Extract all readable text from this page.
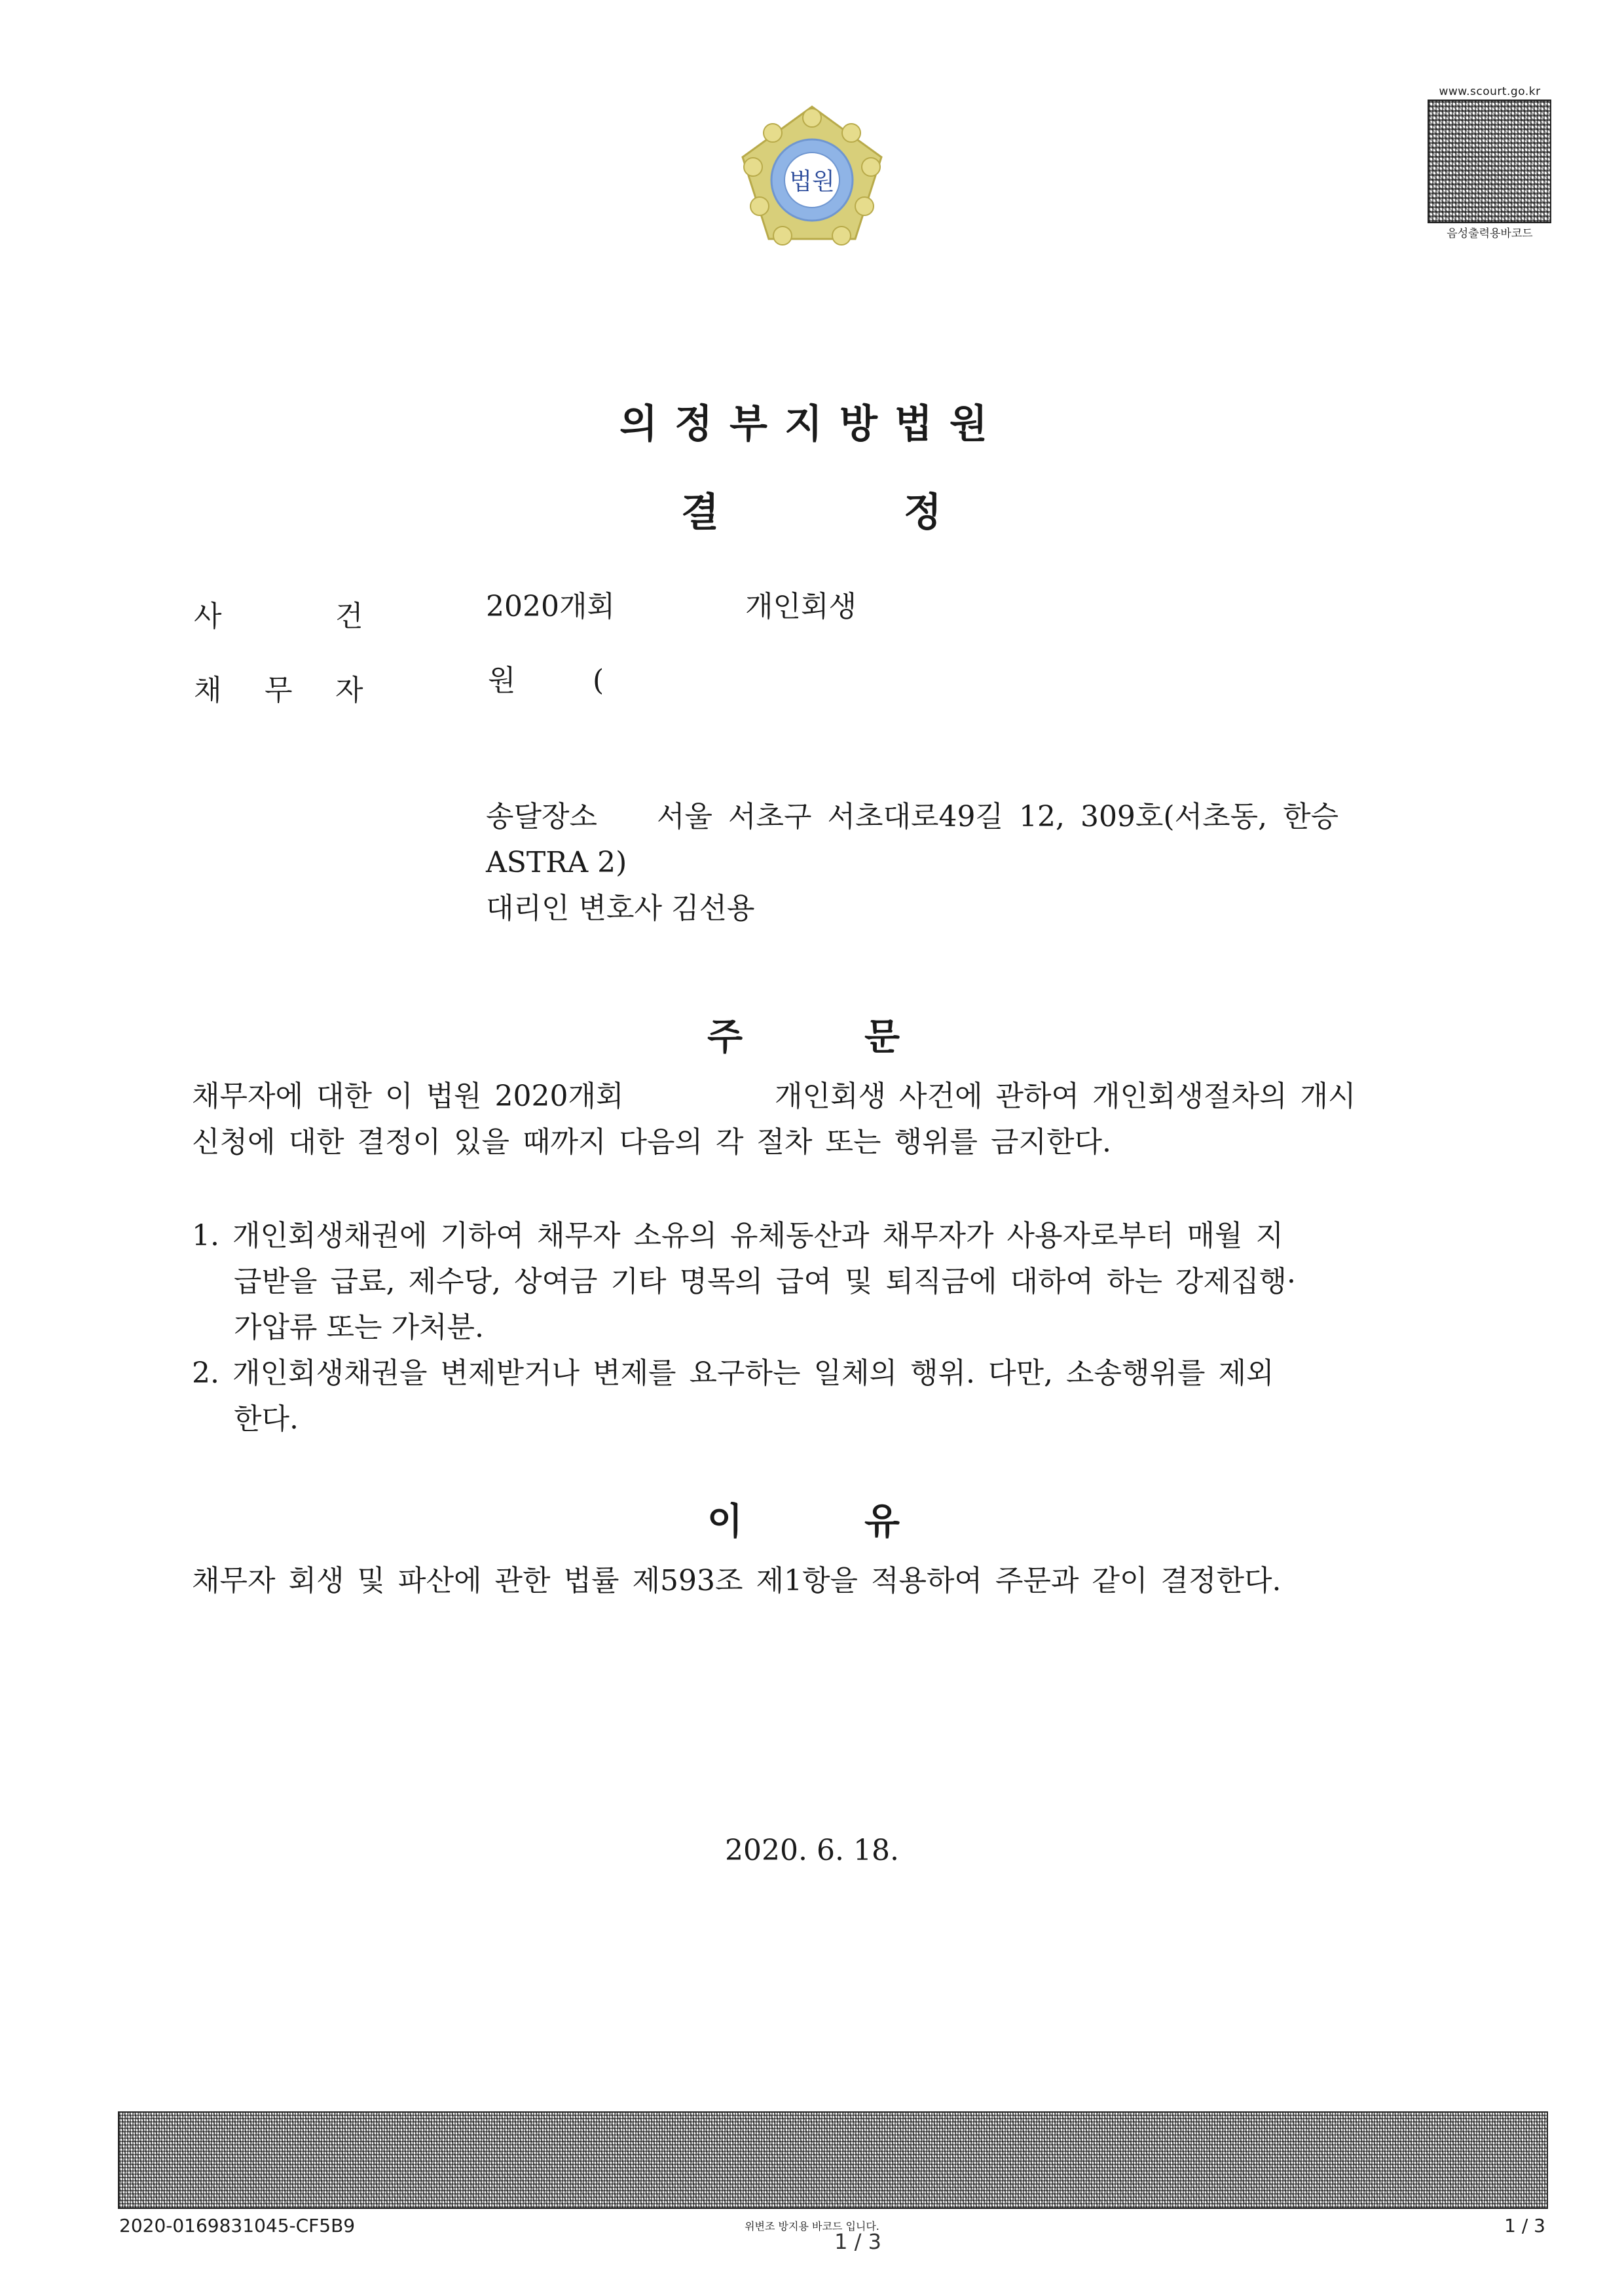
법원
www.scourt.go.kr
음성출력용바코드
의정부지방법원
결	정
사	건	2020개회	개인회생
채 무 자	원	(
송달장소 서울 서초구 서초대로49길 12, 309호(서초동, 한승
ASTRA 2)
대리인 변호사 김선용
주	문
채무자에 대한 이 법원 2020개회	개인회생 사건에 관하여 개인회생절차의 개시
신청에 대한 결정이 있을 때까지 다음의 각 절차 또는 행위를 금지한다.
1. 개인회생채권에 기하여 채무자 소유의 유체동산과 채무자가 사용자로부터 매월 지
급받을 급료, 제수당, 상여금 기타 명목의 급여 및 퇴직금에 대하여 하는 강제집행·
가압류 또는 가처분.
2. 개인회생채권을 변제받거나 변제를 요구하는 일체의 행위. 다만, 소송행위를 제외
한다.
이	유
채무자 회생 및 파산에 관한 법률 제593조 제1항을 적용하여 주문과 같이 결정한다.
2020. 6. 18.
2020-0169831045-CF5B9	위변조 방지용 바코드 입니다.
1 / 3
1 / 3
